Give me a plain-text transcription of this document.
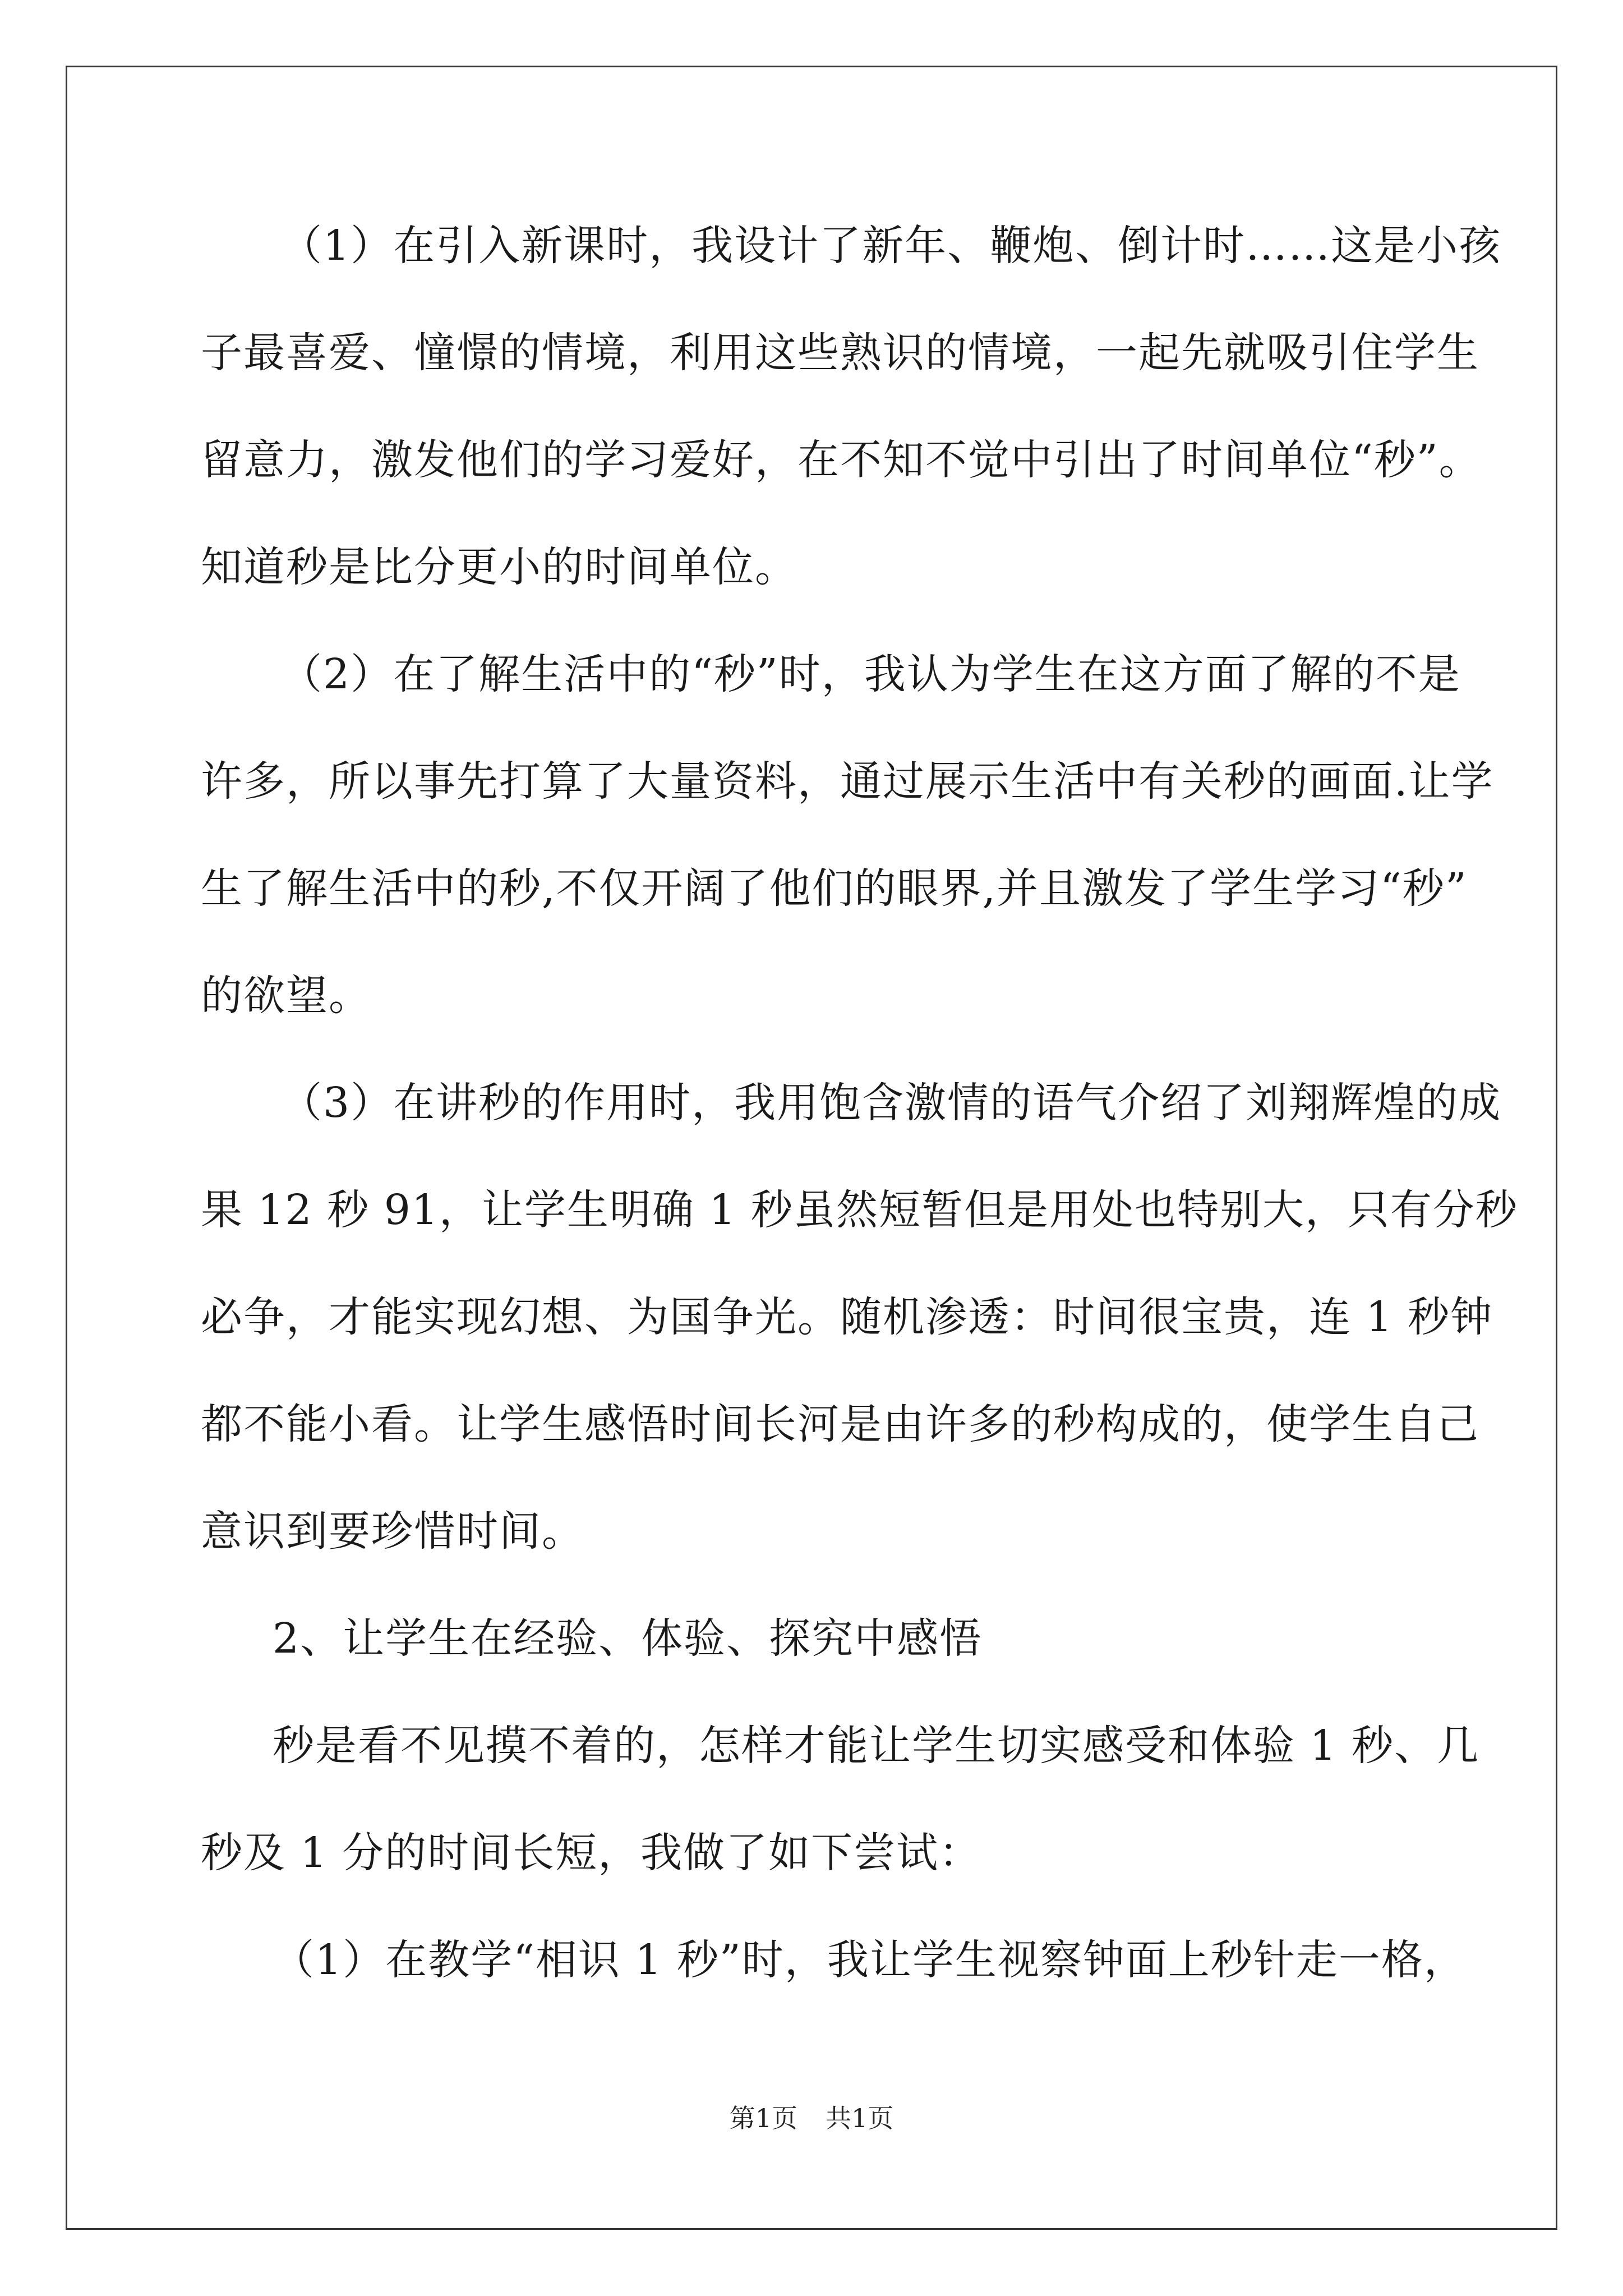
（1）在引入新课时，我设计了新年、鞭炮、倒计时……这是小孩
子最喜爱、憧憬的情境，利用这些熟识的情境，一起先就吸引住学生
留意力，激发他们的学习爱好，在不知不觉中引出了时间单位“秒”。
知道秒是比分更小的时间单位。
（2）在了解生活中的“秒”时，我认为学生在这方面了解的不是
许多，所以事先打算了大量资料，通过展示生活中有关秒的画面.让学
生了解生活中的秒,不仅开阔了他们的眼界,并且激发了学生学习“秒”
的欲望。
（3）在讲秒的作用时，我用饱含激情的语气介绍了刘翔辉煌的成
果 12 秒 91，让学生明确 1 秒虽然短暂但是用处也特别大，只有分秒
必争，才能实现幻想、为国争光。随机渗透：时间很宝贵，连 1 秒钟
都不能小看。让学生感悟时间长河是由许多的秒构成的，使学生自己
意识到要珍惜时间。
2、让学生在经验、体验、探究中感悟
秒是看不见摸不着的，怎样才能让学生切实感受和体验 1 秒、几
秒及 1 分的时间长短，我做了如下尝试：
（1）在教学“相识 1 秒”时，我让学生视察钟面上秒针走一格，
第1页 共1页
